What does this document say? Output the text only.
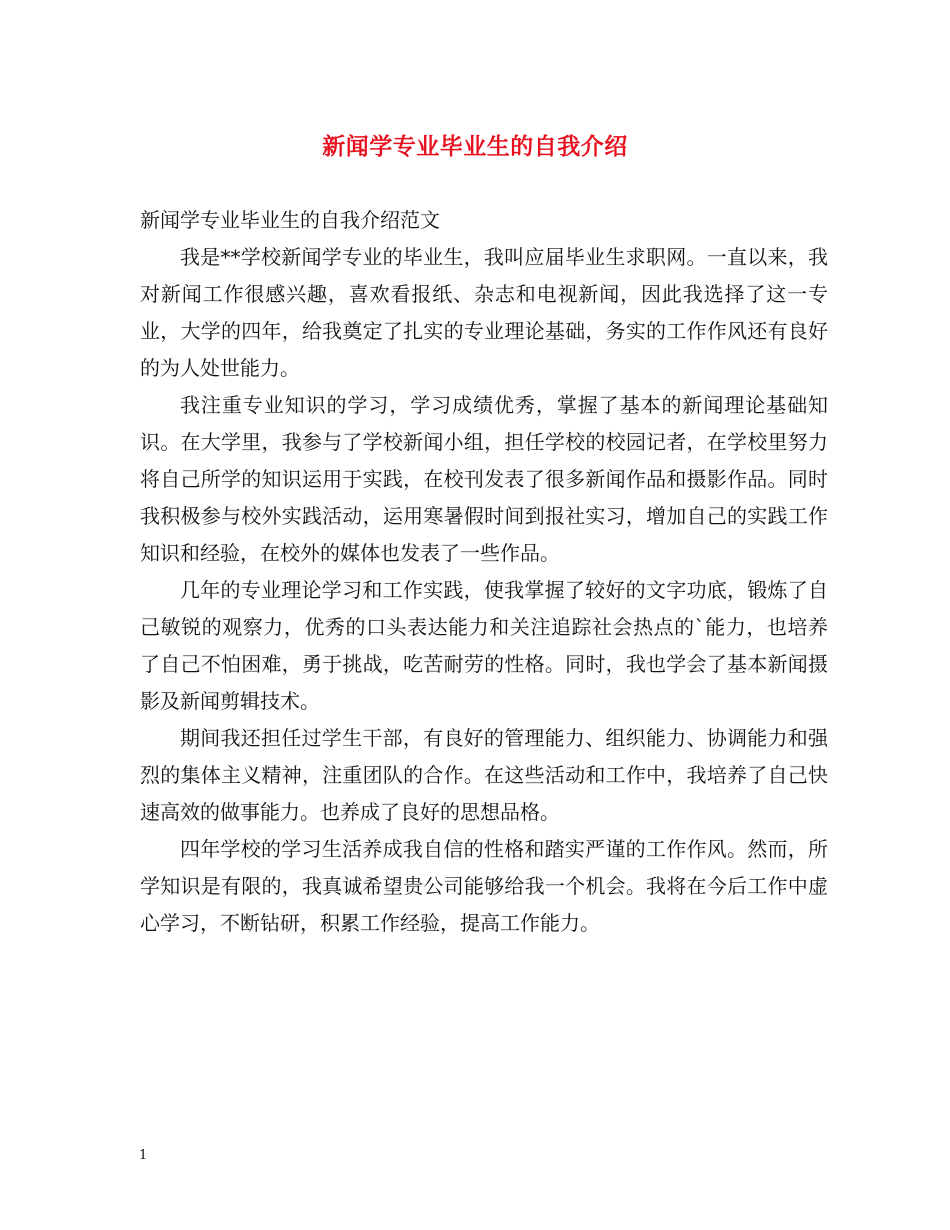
新闻学专业毕业生的自我介绍

新闻学专业毕业生的自我介绍范文

我是**学校新闻学专业的毕业生，我叫应届毕业生求职网。一直以来，我对新闻工作很感兴趣，喜欢看报纸、杂志和电视新闻，因此我选择了这一专业，大学的四年，给我奠定了扎实的专业理论基础，务实的工作作风还有良好的为人处世能力。

我注重专业知识的学习，学习成绩优秀，掌握了基本的新闻理论基础知识。在大学里，我参与了学校新闻小组，担任学校的校园记者，在学校里努力将自己所学的知识运用于实践，在校刊发表了很多新闻作品和摄影作品。同时我积极参与校外实践活动，运用寒暑假时间到报社实习，增加自己的实践工作知识和经验，在校外的媒体也发表了一些作品。

几年的专业理论学习和工作实践，使我掌握了较好的文字功底，锻炼了自己敏锐的观察力，优秀的口头表达能力和关注追踪社会热点的`能力，也培养了自己不怕困难，勇于挑战，吃苦耐劳的性格。同时，我也学会了基本新闻摄影及新闻剪辑技术。

期间我还担任过学生干部，有良好的管理能力、组织能力、协调能力和强烈的集体主义精神，注重团队的合作。在这些活动和工作中，我培养了自己快速高效的做事能力。也养成了良好的思想品格。

四年学校的学习生活养成我自信的性格和踏实严谨的工作作风。然而，所学知识是有限的，我真诚希望贵公司能够给我一个机会。我将在今后工作中虚心学习，不断钻研，积累工作经验，提高工作能力。

1
